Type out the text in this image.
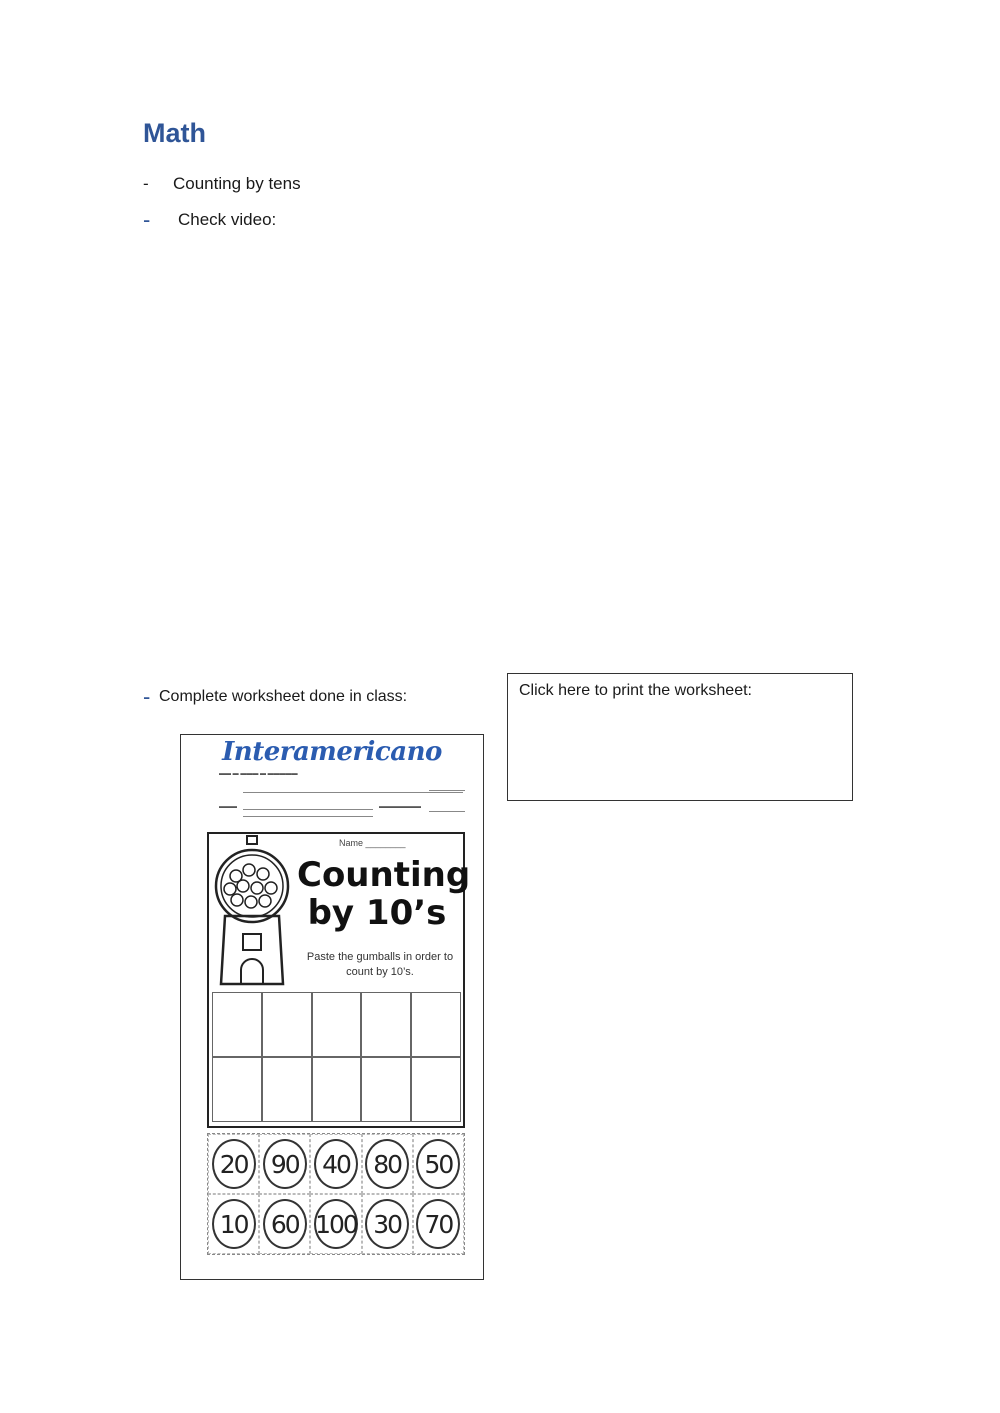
Math
-	Counting by tens
-	Check video:
- Complete worksheet done in class:	Click here to print the worksheet:
Interamericano
▬▬ ▬ ▬▬▬ ▬ ▬▬▬▬▬
▬▬▬	▬▬▬▬▬▬▬
Name ________
Counting
by 10’s
Paste the gumballs in order to count by 10’s.
20 90 40 80 50
10 60 100 30 70
